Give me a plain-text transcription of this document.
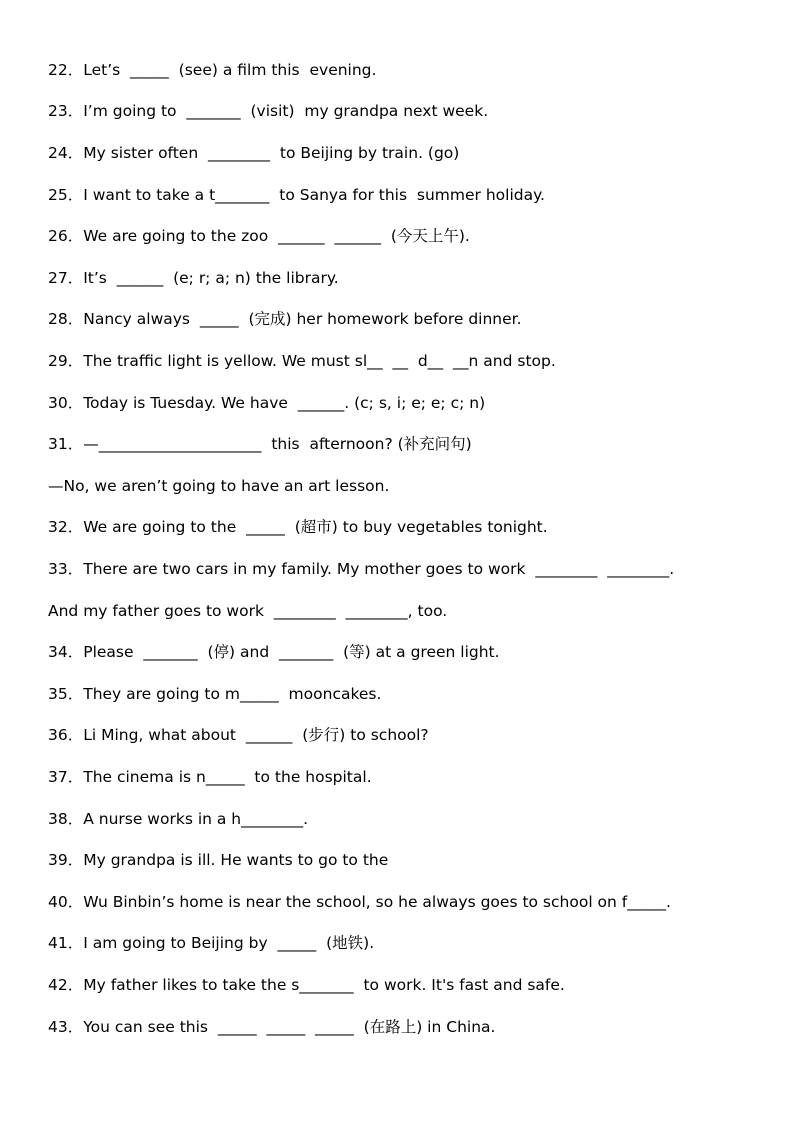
22．Let’s  _____  (see) a film this  evening.
23．I’m going to  _______  (visit)  my grandpa next week.
24．My sister often  ________  to Beijing by train. (go)
25．I want to take a t_______  to Sanya for this  summer holiday.
26．We are going to the zoo  ______  ______  (今天上午).
27．It’s  ______  (e; r; a; n) the library.
28．Nancy always  _____  (完成) her homework before dinner.
29．The traffic light is yellow. We must sl__  __  d__  __n and stop.
30．Today is Tuesday. We have  ______. (c; s, i; e; e; c; n)
31．—_____________________  this  afternoon? (补充问句)
—No, we aren’t going to have an art lesson.
32．We are going to the  _____  (超市) to buy vegetables tonight.
33．There are two cars in my family. My mother goes to work  ________  ________.
And my father goes to work  ________  ________, too.
34．Please  _______  (停) and  _______  (等) at a green light.
35．They are going to m_____  mooncakes.
36．Li Ming, what about  ______  (步行) to school?
37．The cinema is n_____  to the hospital.
38．A nurse works in a h________.
39．My grandpa is ill. He wants to go to the
40．Wu Binbin’s home is near the school, so he always goes to school on f_____.
41．I am going to Beijing by  _____  (地铁).
42．My father likes to take the s_______  to work. It's fast and safe.
43．You can see this  _____  _____  _____  (在路上) in China.
